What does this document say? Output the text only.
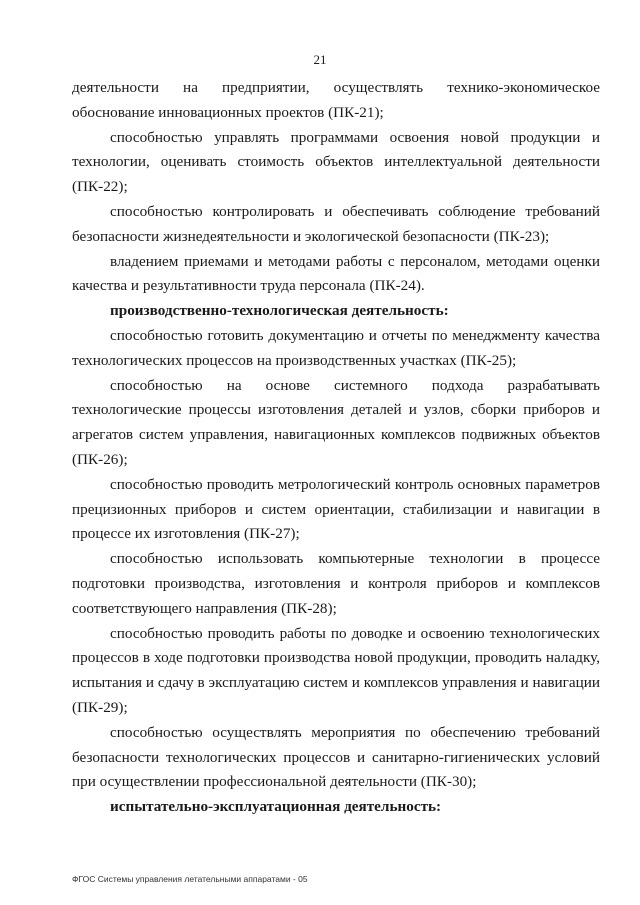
21

деятельности на предприятии, осуществлять технико-экономическое обоснование инновационных проектов (ПК-21);

способностью управлять программами освоения новой продукции и технологии, оценивать стоимость объектов интеллектуальной деятельности (ПК-22);

способностью контролировать и обеспечивать соблюдение требований безопасности жизнедеятельности и экологической безопасности (ПК-23);

владением приемами и методами работы с персоналом, методами оценки качества и результативности труда персонала (ПК-24).

производственно-технологическая деятельность:

способностью готовить документацию и отчеты по менеджменту качества технологических процессов на производственных участках (ПК-25);

способностью на основе системного подхода разрабатывать технологические процессы изготовления деталей и узлов, сборки приборов и агрегатов систем управления, навигационных комплексов подвижных объектов (ПК-26);

способностью проводить метрологический контроль основных параметров прецизионных приборов и систем ориентации, стабилизации и навигации в процессе их изготовления (ПК-27);

способностью использовать компьютерные технологии в процессе подготовки производства, изготовления и контроля приборов и комплексов соответствующего направления (ПК-28);

способностью проводить работы по доводке и освоению технологических процессов в ходе подготовки производства новой продукции, проводить наладку, испытания и сдачу в эксплуатацию систем и комплексов управления и навигации (ПК-29);

способностью осуществлять мероприятия по обеспечению требований безопасности технологических процессов и санитарно-гигиенических условий при осуществлении профессиональной деятельности (ПК-30);

испытательно-эксплуатационная деятельность:

ФГОС Системы управления летательными аппаратами - 05
